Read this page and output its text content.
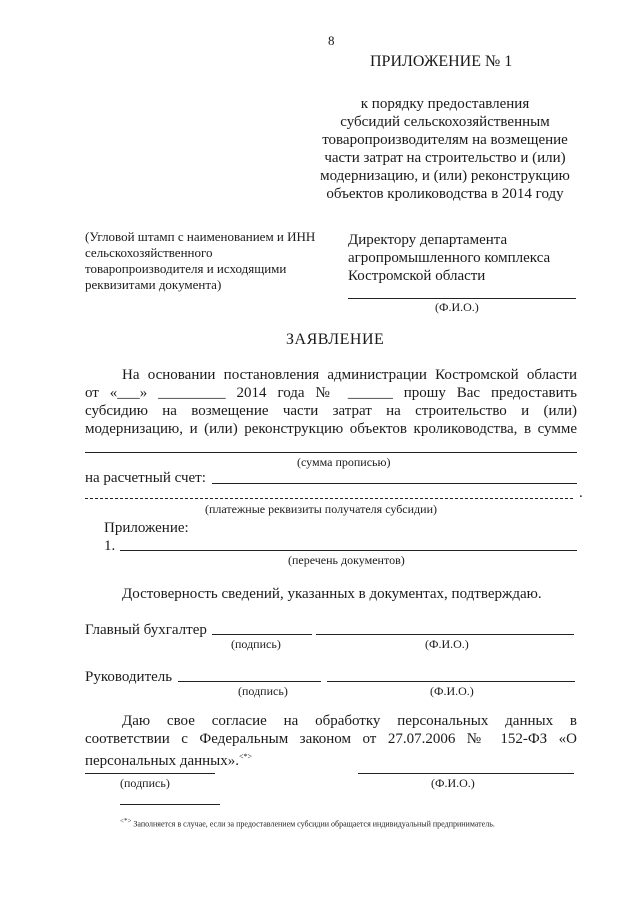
8
ПРИЛОЖЕНИЕ № 1
к порядку предоставления
субсидий сельскохозяйственным
товаропроизводителям на возмещение
части затрат на строительство и (или)
модернизацию, и (или) реконструкцию
объектов кролиководства в 2014 году
(Угловой штамп с наименованием и ИНН
сельскохозяйственного
товаропроизводителя и исходящими
реквизитами документа)
Директору департамента
агропромышленного комплекса
Костромской области
(Ф.И.О.)
ЗАЯВЛЕНИЕ
На основании постановления администрации Костромской области
от «___» _________ 2014 года № ______ прошу Вас предоставить
субсидию на возмещение части затрат на строительство и (или)
модернизацию, и (или) реконструкцию объектов кролиководства, в сумме
(сумма прописью)
на расчетный счет:
.
(платежные реквизиты получателя субсидии)
Приложение:
1.
(перечень документов)
Достоверность сведений, указанных в документах, подтверждаю.
Главный бухгалтер
(подпись)	(Ф.И.О.)
Руководитель
(подпись)	(Ф.И.О.)
Даю свое согласие на обработку персональных данных в
соответствии с Федеральным законом от 27.07.2006 № 152-ФЗ «О
персональных данных».<*>
(подпись)	(Ф.И.О.)
<*> Заполняется в случае, если за предоставлением субсидии обращается индивидуальный предприниматель.
